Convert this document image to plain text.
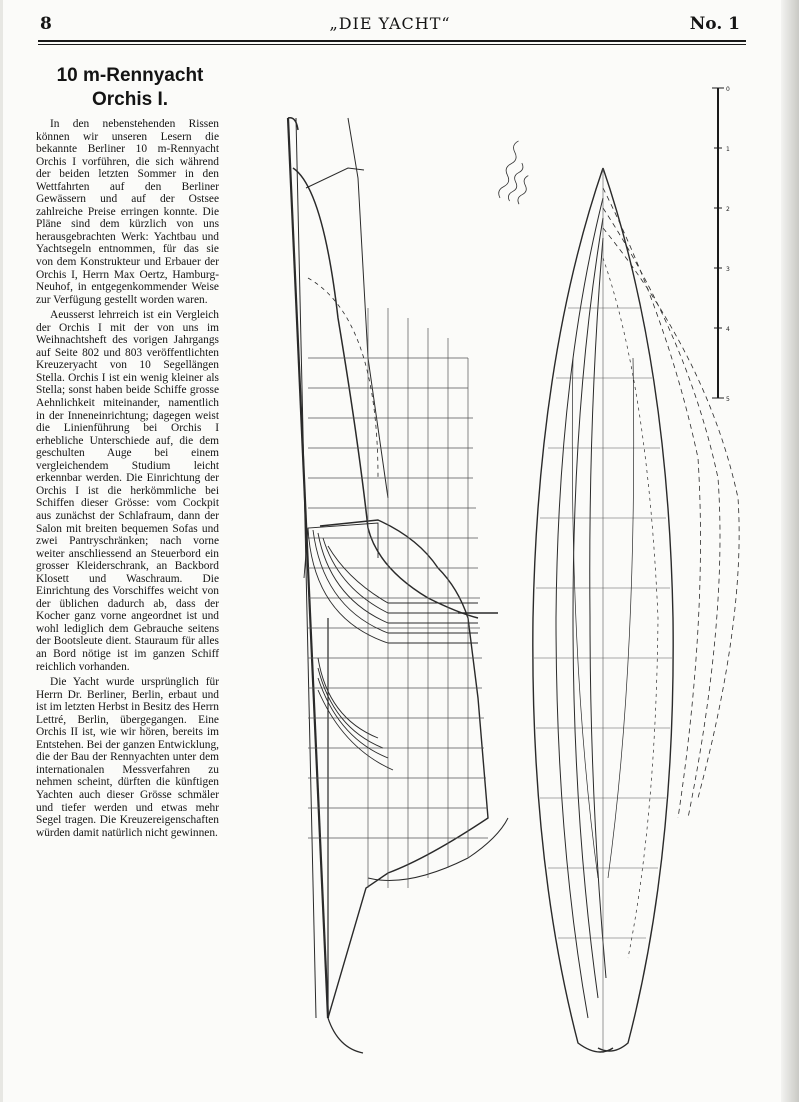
8	„DIE YACHT“	No. 1
10 m-Rennyacht
Orchis I.

In den nebenstehenden Rissen können wir unseren Lesern die bekannte Berliner 10 m-Rennyacht Orchis I vorführen, die sich während der beiden letzten Sommer in den Wettfahrten auf den Berliner Gewässern und auf der Ostsee zahlreiche Preise erringen konnte. Die Pläne sind dem kürzlich von uns herausgebrachten Werk: Yachtbau und Yachtsegeln entnommen, für das sie von dem Konstrukteur und Erbauer der Orchis I, Herrn Max Oertz, Hamburg-Neuhof, in entgegenkommender Weise zur Verfügung gestellt worden waren.

Aeusserst lehrreich ist ein Vergleich der Orchis I mit der von uns im Weihnachtsheft des vorigen Jahrgangs auf Seite 802 und 803 veröffentlichten Kreuzeryacht von 10 Segellängen Stella. Orchis I ist ein wenig kleiner als Stella; sonst haben beide Schiffe grosse Aehnlichkeit miteinander, namentlich in der Inneneinrichtung; dagegen weist die Linienführung bei Orchis I erhebliche Unterschiede auf, die dem geschulten Auge bei einem vergleichendem Studium leicht erkennbar werden. Die Einrichtung der Orchis I ist die herkömmliche bei Schiffen dieser Grösse: vom Cockpit aus zunächst der Schlafraum, dann der Salon mit breiten bequemen Sofas und zwei Pantryschränken; nach vorne weiter anschliessend an Steuerbord ein grosser Kleiderschrank, an Backbord Klosett und Waschraum. Die Einrichtung des Vorschiffes weicht von der üblichen dadurch ab, dass der Kocher ganz vorne angeordnet ist und wohl lediglich dem Gebrauche seitens der Bootsleute dient. Stauraum für alles an Bord nötige ist im ganzen Schiff reichlich vorhanden.

Die Yacht wurde ursprünglich für Herrn Dr. Berliner, Berlin, erbaut und ist im letzten Herbst in Besitz des Herrn Lettré, Berlin, übergegangen. Eine Orchis II ist, wie wir hören, bereits im Entstehen. Bei der ganzen Entwicklung, die der Bau der Rennyachten unter dem internationalen Messverfahren zu nehmen scheint, dürften die künftigen Yachten auch dieser Grösse schmäler und tiefer werden und etwas mehr Segel tragen. Die Kreuzereigenschaften würden damit natürlich nicht gewinnen.

0
1
2
3
4
5
